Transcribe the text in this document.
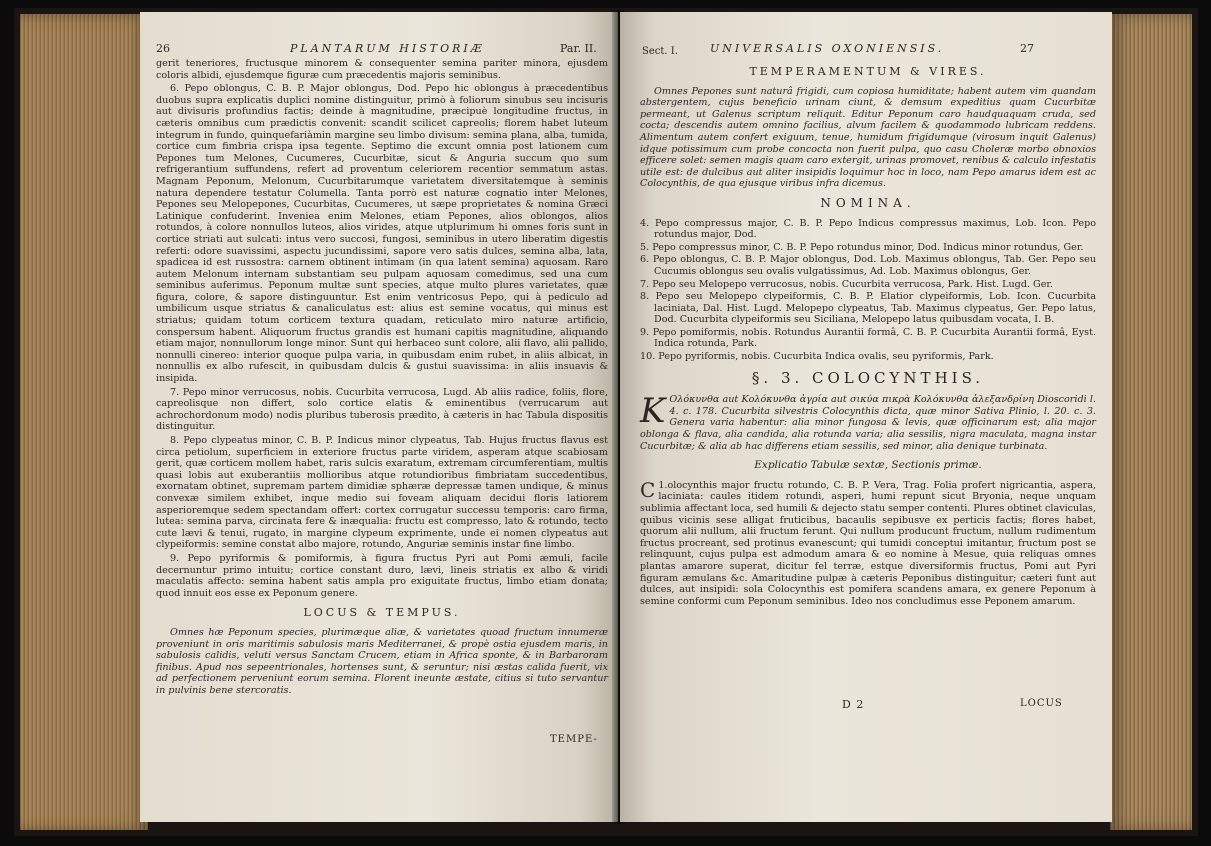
26	PLANTARUM HISTORIÆ	Par. II.

gerit teneriores, fructusque minorem & consequenter semina pariter minora, ejusdem coloris albidi, ejusdemque figuræ cum præcedentis majoris seminibus.

6. Pepo oblongus, C. B. P. Major oblongus, Dod. Pepo hic oblongus à præcedentibus duobus supra explicatis duplici nomine distinguitur, primò à foliorum sinubus seu incisuris aut divisuris profundius factis; deinde à magnitudine, præcipuè longitudine fructus, in cæteris omnibus cum prædictis convenit: scandit scilicet capreolis; florem habet luteum integrum in fundo, quinquefariàmin margine seu limbo divisum: semina plana, alba, tumida, cortice cum fimbria crispa ipsa tegente. Septimo die excunt omnia post lationem cum Pepones tum Melones, Cucumeres, Cucurbitæ, sicut & Anguria succum quo sum refrigerantium suffundens, refert ad proventum celeriorem recentior semmatum astas. Magnam Peponum, Melonum, Cucurbitarumque varietatem diversitatemque à seminis natura dependere testatur Columella. Tanta porrò est naturæ cognatio inter Melones, Pepones seu Melopepones, Cucurbitas, Cucumeres, ut sæpe proprietates & nomina Græci Latinique confuderint. Inveniea enim Melones, etiam Pepones, alios oblongos, alios rotundos, à colore nonnullos luteos, alios virides, atque utplurimum hi omnes foris sunt in cortice striati aut sulcati: intus vero succosi, fungosi, seminibus in utero liberatim digestis referti: odore suavissimi, aspectu jucundissimi, sapore vero satis dulces, semina alba, lata, spadicea id est russostra: carnem obtinent intimam (in qua latent semina) aquosam. Raro autem Melonum internam substantiam seu pulpam aquosam comedimus, sed una cum seminibus auferimus. Peponum multæ sunt species, atque multo plures varietates, quæ figura, colore, & sapore distinguuntur. Est enim ventricosus Pepo, qui à pediculo ad umbilicum usque striatus & canaliculatus est: alius est semine vocatus, qui minus est striatus; quidam totum corticem textura quadam, reticulato miro naturæ artificio, conspersum habent. Aliquorum fructus grandis est humani capitis magnitudine, aliquando etiam major, nonnullorum longe minor. Sunt qui herbaceo sunt colore, alii flavo, alii pallido, nonnulli cinereo: interior quoque pulpa varia, in quibusdam enim rubet, in aliis albicat, in nonnullis ex albo rufescit, in quibusdam dulcis & gustui suavissima: in aliis insuavis & insipida.

7. Pepo minor verrucosus, nobis. Cucurbita verrucosa, Lugd. Ab aliis radice, foliis, flore, capreolisque non differt, solo cortice elatis & eminentibus (verrucarum aut achrochordonum modo) nodis pluribus tuberosis prædito, à cæteris in hac Tabula dispositis distinguitur.

8. Pepo clypeatus minor, C. B. P. Indicus minor clypeatus, Tab. Hujus fructus flavus est circa petiolum, superficiem in exteriore fructus parte viridem, asperam atque scabiosam gerit, quæ corticem mollem habet, raris sulcis exaratum, extremam circumferentiam, multis quasi lobis aut exuberantiis mollioribus atque rotundioribus fimbriatam succedentibus, exornatam obtinet, supremam partem dimidiæ sphæræ depressæ tamen undique, & minus convexæ similem exhibet, inque medio sui foveam aliquam decidui floris latiorem asperioremque sedem spectandam offert: cortex corrugatur successu temporis: caro firma, lutea: semina parva, circinata fere & inæqualia: fructu est compresso, lato & rotundo, tecto cute lævi & tenui, rugato, in margine clypeum exprimente, unde ei nomen clypeatus aut clypeiformis: semine constat albo majore, rotundo, Anguriæ seminis instar fine limbo.

9. Pepo pyriformis & pomiformis, à figura fructus Pyri aut Pomi æmuli, facile decernuntur primo intuitu; cortice constant duro, lævi, lineis striatis ex albo & viridi maculatis affecto: semina habent satis ampla pro exiguitate fructus, limbo etiam donata; quod innuit eos esse ex Peponum genere.

LOCUS & TEMPUS.

Omnes hæ Peponum species, plurimæque aliæ, & varietates quoad fructum innumeræ proveniunt in oris maritimis sabulosis maris Mediterranei, & propè ostia ejusdem maris, in sabulosis calidis, veluti versus Sanctam Crucem, etiam in Africa sponte, & in Barbaroram finibus. Apud nos sepeentrionales, hortenses sunt, & seruntur; nisi æstas calida fuerit, vix ad perfectionem perveniunt eorum semina. Florent ineunte æstate, citius si tuto servantur in pulvinis bene stercoratis.

TEMPE-
Sect. I.	UNIVERSALIS OXONIENSIS.	27
TEMPERAMENTUM & VIRES.

Omnes Pepones sunt naturâ frigidi, cum copiosa humiditate; habent autem vim quandam abstergentem, cujus beneficio urinam ciunt, & demsum expeditius quam Cucurbitæ permeant, ut Galenus scriptum reliquit. Editur Peponum caro haudquaquam cruda, sed cocta; descendis autem omnino facilius, alvum facilem & quodammodo lubricam reddens. Alimentum autem confert exiguum, tenue, humidum frigidumque (virosum inquit Galenus) idque potissimum cum probe concocta non fuerit pulpa, quo casu Choleræ morbo obnoxios efficere solet: semen magis quam caro extergit, urinas promovet, renibus & calculo infestatis utile est: de dulcibus aut aliter insipidis loquimur hoc in loco, nam Pepo amarus idem est ac Colocynthis, de qua ejusque viribus infra dicemus.

NOMINA.
4. Pepo compressus major, C. B. P. Pepo Indicus compressus maximus, Lob. Icon. Pepo rotundus major, Dod.
5. Pepo compressus minor, C. B. P. Pepo rotundus minor, Dod. Indicus minor rotundus, Ger.
6. Pepo oblongus, C. B. P. Major oblongus, Dod. Lob. Maximus oblongus, Tab. Ger. Pepo seu Cucumis oblongus seu ovalis vulgatissimus, Ad. Lob. Maximus oblongus, Ger.
7. Pepo seu Melopepo verrucosus, nobis. Cucurbita verrucosa, Park. Hist. Lugd. Ger.
8. Pepo seu Melopepo clypeiformis, C. B. P. Elatior clypeiformis, Lob. Icon. Cucurbita laciniata, Dal. Hist. Lugd. Melopepo clypeatus, Tab. Maximus clypeatus, Ger. Pepo latus, Dod. Cucurbita clypeiformis seu Siciliana, Melopepo latus quibusdam vocata, I. B.
9. Pepo pomiformis, nobis. Rotundus Aurantii formâ, C. B. P. Cucurbita Aurantii formâ, Eyst. Indica rotunda, Park.
10. Pepo pyriformis, nobis. Cucurbita Indica ovalis, seu pyriformis, Park.
§. 3. COLOCYNTHIS.

K Ολόκυνθα aut Κολόκυνθα ἀγρία aut σικύα πικρὰ Κολόκυνθα ἀλεξανδρίνη Dioscoridi l. 4. c. 178. Cucurbita silvestris Colocynthis dicta, quæ minor Sativa Plinio, l. 20. c. 3. Genera varia habentur: alia minor fungosa & levis, quæ officinarum est; alia major oblonga & flava, alia candida, alia rotunda varia; alia sessilis, nigra maculata, magna instar Cucurbitæ; & alia ab hac differens etiam sessilis, sed minor, alia denique turbinata.

Explicatio Tabulæ sextæ, Sectionis primæ.

1.
C olocynthis major fructu rotundo, C. B. P. Vera, Trag. Folia profert nigricantia, aspera, laciniata: caules itidem rotundi, asperi, humi repunt sicut Bryonia, neque unquam sublimia affectant loca, sed humili & dejecto statu semper contenti. Plures obtinet claviculas, quibus vicinis sese alligat fruticibus, bacaulis sepibusve ex perticis factis; flores habet, quorum alii nullum, alii fructum ferunt. Qui nullum producunt fructum, nullum rudimentum fructus procreant, sed protinus evanescunt; qui tumidi conceptui imitantur, fructum post se relinquunt, cujus pulpa est admodum amara & eo nomine à Mesue, quia reliquas omnes plantas amarore superat, dicitur fel terræ, estque diversiformis fructus, Pomi aut Pyri figuram æmulans &c. Amaritudine pulpæ à cæteris Peponibus distinguitur; cæteri funt aut dulces, aut insipidi: sola Colocynthis est pomifera scandens amara, ex genere Peponum à semine conformi cum Peponum seminibus. Ideo nos concludimus esse Peponem amarum.

D 2	LOCUS
